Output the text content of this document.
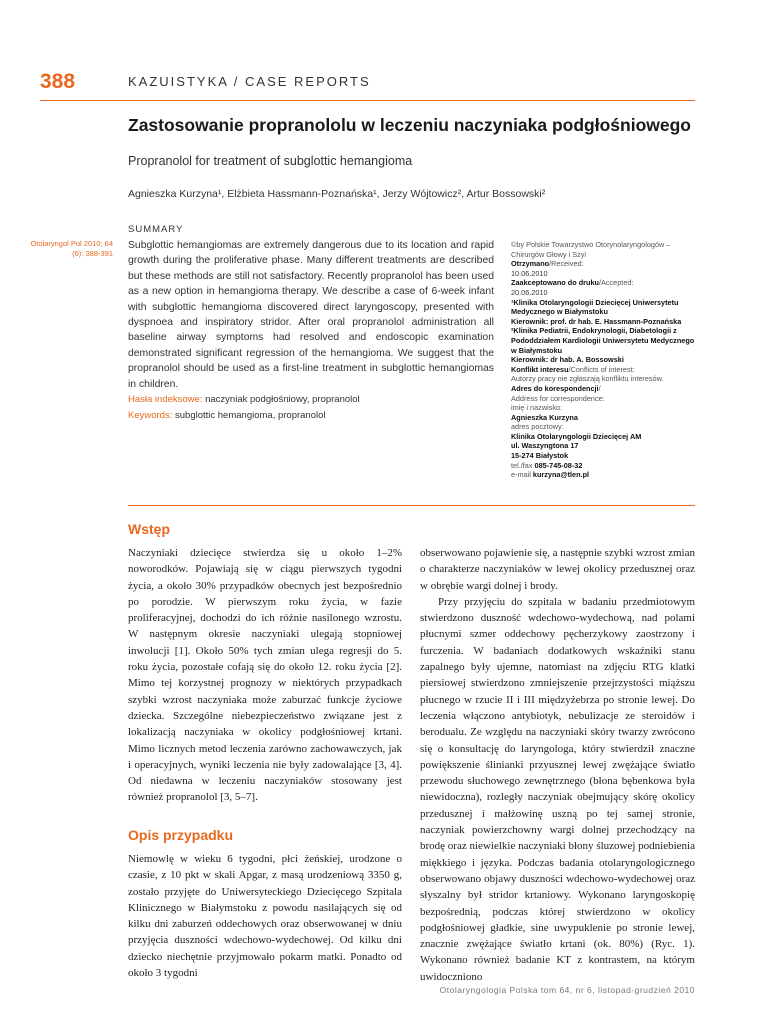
388	KAZUISTYKA / CASE REPORTS
Zastosowanie propranololu w leczeniu naczyniaka podgłośniowego
Propranolol for treatment of subglottic hemangioma
Agnieszka Kurzyna¹, Elżbieta Hassmann-Poznańska¹, Jerzy Wójtowicz², Artur Bossowski²
SUMMARY
Otolaryngol Pol 2010; 64 (6): 388-391
Subglottic hemangiomas are extremely dangerous due to its location and rapid growth during the proliferative phase. Many different treatments are described but these methods are still not satisfactory. Recently propranolol has been used as a new option in hemangioma therapy. We describe a case of 6-week infant with subglottic hemangioma discovered direct laryngoscopy, presented with dyspnoea and inspiratory stridor. After oral propranolol administration all baseline airway symptoms had resolved and endoscopic examination demonstrated significant regression of the hemangioma. We suggest that the propranolol should be used as a first-line treatment in subglottic hemangiomas in children.
Hasła indeksowe: naczyniak podgłośniowy, propranolol
Keywords: subglottic hemangioma, propranolol
©by Polskie Towarzystwo Otorynolaryngologów – Chirurgów Głowy i Szyi
Otrzymano/Received:
10.06.2010
Zaakceptowano do druku/Accepted:
20.06.2010
¹Klinika Otolaryngologii Dziecięcej Uniwersytetu Medycznego w Białymstoku
Kierownik: prof. dr hab. E. Hassmann-Poznańska
²Klinika Pediatrii, Endokrynologii, Diabetologii z Pododdziałem Kardiologii Uniwersytetu Medycznego w Białymstoku
Kierownik: dr hab. A. Bossowski
Konflikt interesu/Conflicts of interest:
Autorzy pracy nie zgłaszają konfliktu interesów.
Adres do korespondencji/
Address for correspondence:
imię i nazwisko:
Agnieszka Kurzyna
adres pocztowy:
Klinika Otolaryngologii Dziecięcej AM
ul. Waszyngtona 17
15-274 Białystok
tel./fax 085-745-08-32
e-mail kurzyna@tlen.pl
Wstęp

Naczyniaki dziecięce stwierdza się u około 1–2% noworodków. Pojawiają się w ciągu pierwszych tygodni życia, a około 30% przypadków obecnych jest bezpośrednio po porodzie. W pierwszym roku życia, w fazie proliferacyjnej, dochodzi do ich różnie nasilonego wzrostu. W następnym okresie naczyniaki ulegają stopniowej inwolucji [1]. Około 50% tych zmian ulega regresji do 5. roku życia, pozostałe cofają się do około 12. roku życia [2]. Mimo tej korzystnej prognozy w niektórych przypadkach szybki wzrost naczyniaka może zaburzać funkcje życiowe dziecka. Szczególne niebezpieczeństwo związane jest z lokalizacją naczyniaka w okolicy podgłośniowej krtani. Mimo licznych metod leczenia zarówno zachowawczych, jak i operacyjnych, wyniki leczenia nie były zadowalające [3, 4]. Od niedawna w leczeniu naczyniaków stosowany jest również propranolol [3, 5–7].

Opis przypadku

Niemowlę w wieku 6 tygodni, płci żeńskiej, urodzone o czasie, z 10 pkt w skali Apgar, z masą urodzeniową 3350 g, zostało przyjęte do Uniwersyteckiego Dziecięcego Szpitala Klinicznego w Białymstoku z powodu nasilających się od kilku dni zaburzeń oddechowych oraz obserwowanej w dniu przyjęcia duszności wdechowo-wydechowej. Od kilku dni dziecko niechętnie przyjmowało pokarm matki. Ponadto od około 3 tygodni

obserwowano pojawienie się, a następnie szybki wzrost zmian o charakterze naczyniaków w lewej okolicy przedusznej oraz w obrębie wargi dolnej i brody.

Przy przyjęciu do szpitala w badaniu przedmiotowym stwierdzono duszność wdechowo-wydechową, nad polami płucnymi szmer oddechowy pęcherzykowy zaostrzony i furczenia. W badaniach dodatkowych wskaźniki stanu zapalnego były ujemne, natomiast na zdjęciu RTG klatki piersiowej stwierdzono zmniejszenie przejrzystości miąższu płucnego w rzucie II i III międzyżebrza po stronie lewej. Do leczenia włączono antybiotyk, nebulizacje ze steroidów i berodualu. Ze względu na naczyniaki skóry twarzy zwrócono się o konsultację do laryngologa, który stwierdził znaczne powiększenie ślinianki przyusznej lewej zwężające światło przewodu słuchowego zewnętrznego (błona bębenkowa była niewidoczna), rozległy naczyniak obejmujący skórę okolicy przedusznej i małżowinę uszną po tej samej stronie, naczyniak powierzchowny wargi dolnej przechodzący na brodę oraz niewielkie naczyniaki błony śluzowej podniebienia miękkiego i języka. Podczas badania otolaryngologicznego obserwowano objawy duszności wdechowo-wydechowej oraz słyszalny był stridor krtaniowy. Wykonano laryngoskopię bezpośrednią, podczas której stwierdzono w okolicy podgłośniowej gładkie, sine uwypuklenie po stronie lewej, znacznie zwężające światło krtani (ok. 80%) (Ryc. 1). Wykonano również badanie KT z kontrastem, na którym uwidoczniono

Otolaryngologia Polska tom 64, nr 6, listopad-grudzień 2010
